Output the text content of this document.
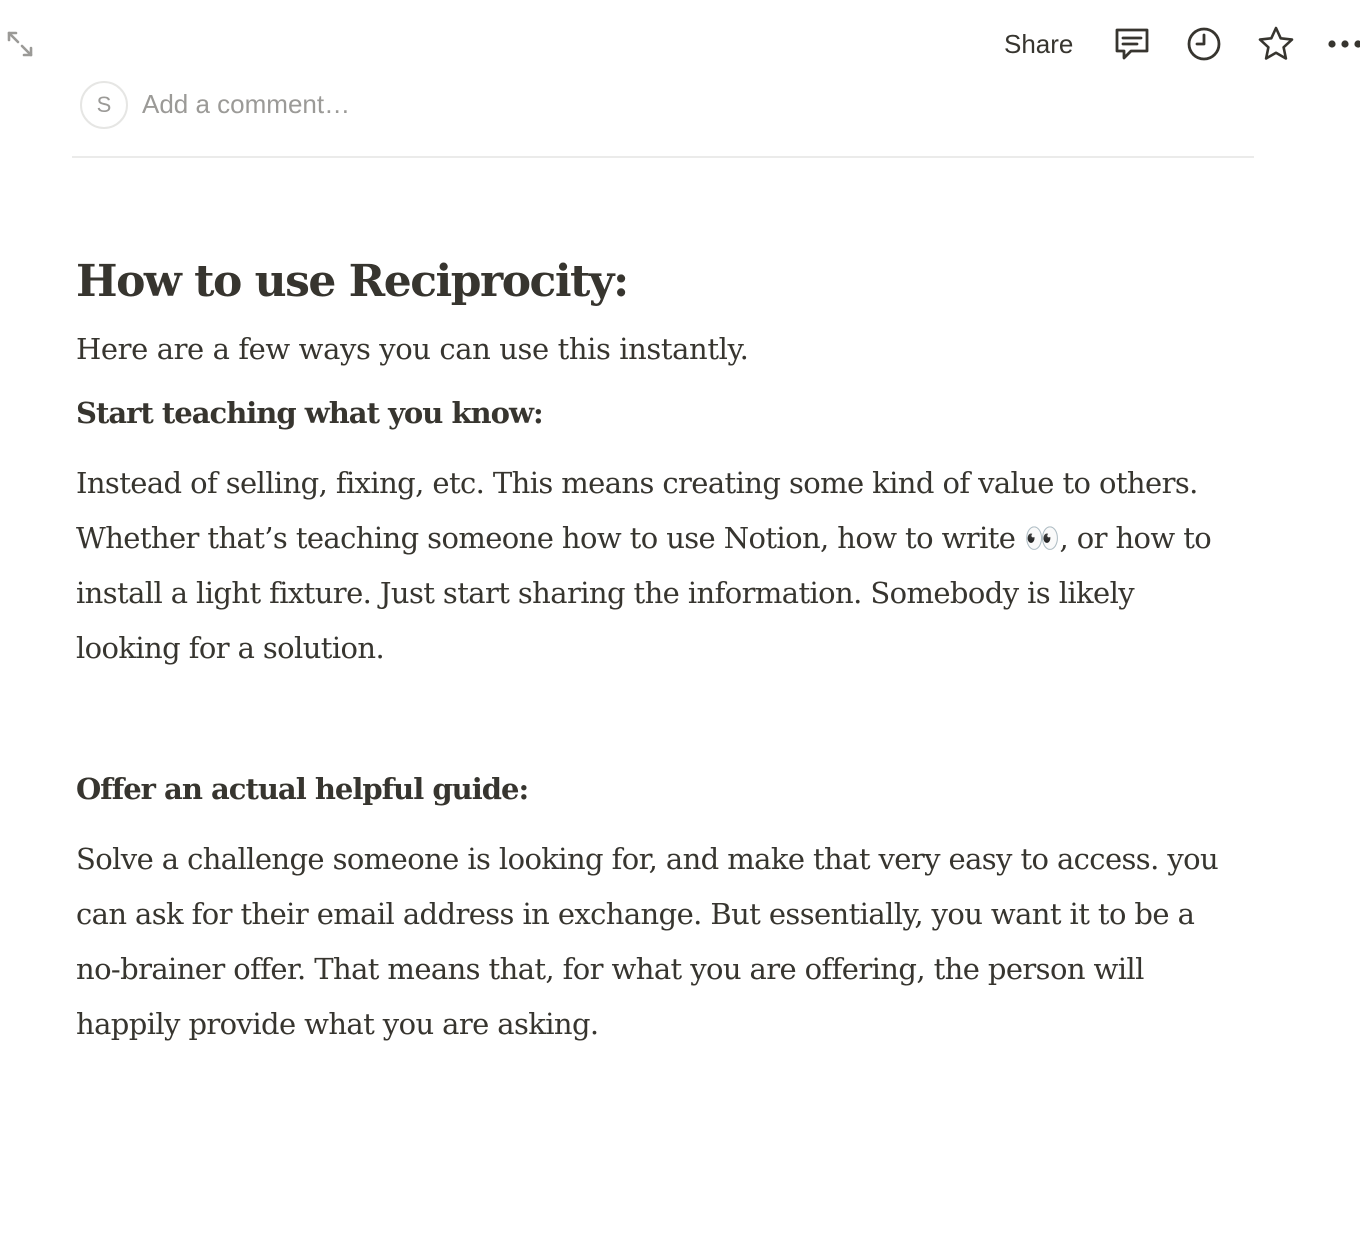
Share
S
Add a comment…
How to use Reciprocity:

Here are a few ways you can use this instantly.

Start teaching what you know:

Instead of selling, fixing, etc. This means creating some kind of value to others.
Whether that’s teaching someone how to use Notion, how to write 👀, or how to
install a light fixture. Just start sharing the information. Somebody is likely
looking for a solution.

Offer an actual helpful guide:

Solve a challenge someone is looking for, and make that very easy to access. you
can ask for their email address in exchange. But essentially, you want it to be a
no-brainer offer. That means that, for what you are offering, the person will
happily provide what you are asking.
